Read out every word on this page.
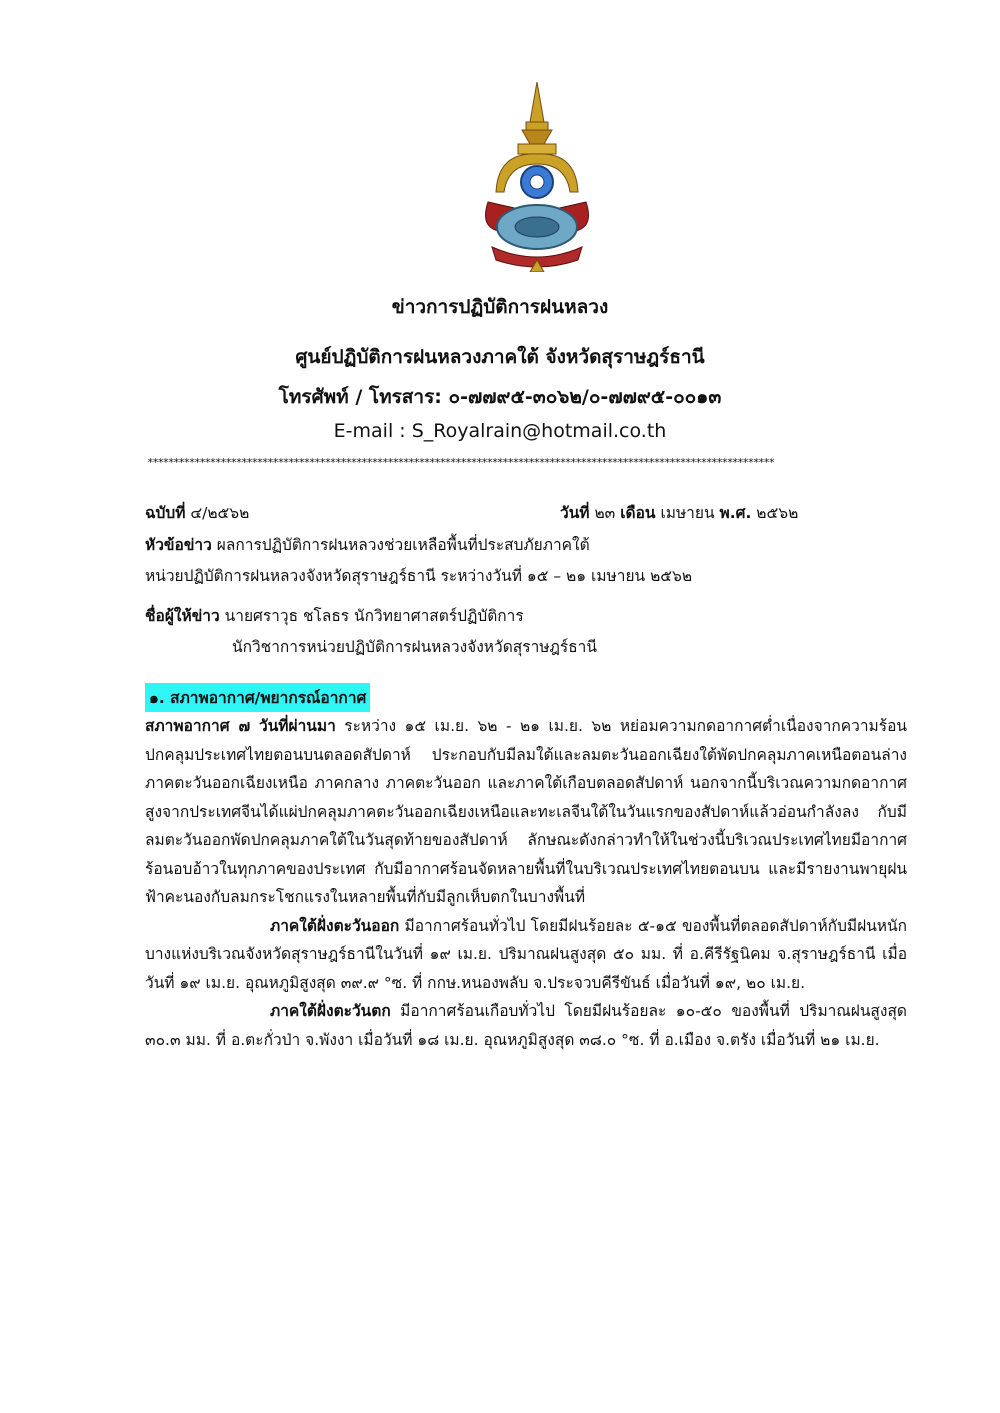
ข่าวการปฏิบัติการฝนหลวง
ศูนย์ปฏิบัติการฝนหลวงภาคใต้ จังหวัดสุราษฎร์ธานี
โทรศัพท์ / โทรสาร: ๐-๗๗๙๕-๓๐๖๒/๐-๗๗๙๕-๐๐๑๓
E-mail : S_Royalrain@hotmail.co.th
************************************************************************************************************************
ฉบับที่ ๔/๒๕๖๒	วันที่ ๒๓ เดือน เมษายน พ.ศ. ๒๕๖๒
หัวข้อข่าว ผลการปฏิบัติการฝนหลวงช่วยเหลือพื้นที่ประสบภัยภาคใต้
หน่วยปฏิบัติการฝนหลวงจังหวัดสุราษฎร์ธานี ระหว่างวันที่ ๑๕ – ๒๑ เมษายน ๒๕๖๒
ชื่อผู้ให้ข่าว นายศราวุธ ชโลธร นักวิทยาศาสตร์ปฏิบัติการ
นักวิชาการหน่วยปฏิบัติการฝนหลวงจังหวัดสุราษฎร์ธานี
๑. สภาพอากาศ/พยากรณ์อากาศ

สภาพอากาศ ๗ วันที่ผ่านมา ระหว่าง ๑๕ เม.ย. ๖๒ - ๒๑ เม.ย. ๖๒ หย่อมความกดอากาศต่ำเนื่องจากความร้อนปกคลุมประเทศไทยตอนบนตลอดสัปดาห์ ประกอบกับมีลมใต้และลมตะวันออกเฉียงใต้พัดปกคลุมภาคเหนือตอนล่าง ภาคตะวันออกเฉียงเหนือ ภาคกลาง ภาคตะวันออก และภาคใต้เกือบตลอดสัปดาห์ นอกจากนี้บริเวณความกดอากาศสูงจากประเทศจีนได้แผ่ปกคลุมภาคตะวันออกเฉียงเหนือและทะเลจีนใต้ในวันแรกของสัปดาห์แล้วอ่อนกำลังลง กับมีลมตะวันออกพัดปกคลุมภาคใต้ในวันสุดท้ายของสัปดาห์ ลักษณะดังกล่าวทำให้ในช่วงนี้บริเวณประเทศไทยมีอากาศร้อนอบอ้าวในทุกภาคของประเทศ กับมีอากาศร้อนจัดหลายพื้นที่ในบริเวณประเทศไทยตอนบน และมีรายงานพายุฝนฟ้าคะนองกับลมกระโชกแรงในหลายพื้นที่กับมีลูกเห็บตกในบางพื้นที่

ภาคใต้ฝั่งตะวันออก มีอากาศร้อนทั่วไป โดยมีฝนร้อยละ ๕-๑๕ ของพื้นที่ตลอดสัปดาห์กับมีฝนหนักบางแห่งบริเวณจังหวัดสุราษฎร์ธานีในวันที่ ๑๙ เม.ย. ปริมาณฝนสูงสุด ๕๐ มม. ที่ อ.คีรีรัฐนิคม จ.สุราษฎร์ธานี เมื่อวันที่ ๑๙ เม.ย. อุณหภูมิสูงสุด ๓๙.๙ °ซ. ที่ กกษ.หนองพลับ จ.ประจวบคีรีขันธ์ เมื่อวันที่ ๑๙, ๒๐ เม.ย.

ภาคใต้ฝั่งตะวันตก มีอากาศร้อนเกือบทั่วไป โดยมีฝนร้อยละ ๑๐-๕๐ ของพื้นที่ ปริมาณฝนสูงสุด ๓๐.๓ มม. ที่ อ.ตะกั่วป่า จ.พังงา เมื่อวันที่ ๑๘ เม.ย. อุณหภูมิสูงสุด ๓๘.๐ °ซ. ที่ อ.เมือง จ.ตรัง เมื่อวันที่ ๒๑ เม.ย.
